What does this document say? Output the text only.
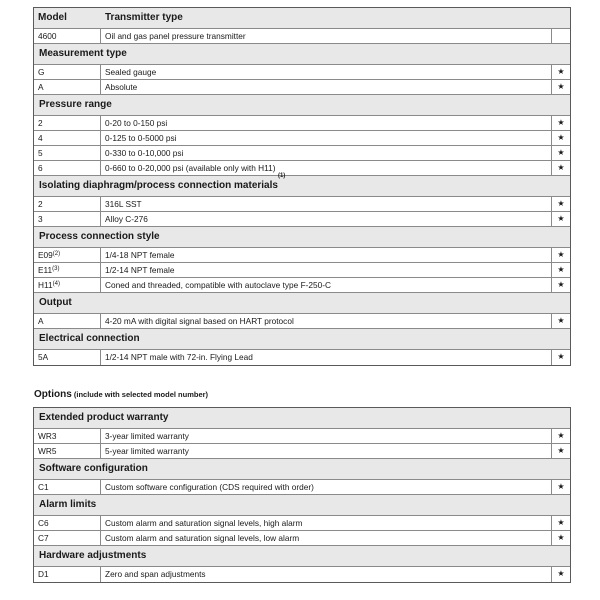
Model	Transmitter type
4600	Oil and gas panel pressure transmitter
Measurement type
G	Sealed gauge	★
A	Absolute	★
Pressure range
2	0-20 to 0-150 psi	★
4	0-125 to 0-5000 psi	★
5	0-330 to 0-10,000 psi	★
6	0-660 to 0-20,000 psi (available only with H11)	★
Isolating diaphragm/process connection materials
(1)
2	316L SST	★
3	Alloy C-276	★
Process connection style
E09$^{(2)}$	1/4-18 NPT female	★
E11$^{(3)}$	1/2-14 NPT female	★
H11$^{(4)}$	Coned and threaded, compatible with autoclave type F-250-C	★
Output
A	4-20 mA with digital signal based on HART protocol	★
Electrical connection
5A	1/2-14 NPT male with 72-in. Flying Lead	★
Options (include with selected model number)
Extended product warranty
WR3	3-year limited warranty	★
WR5	5-year limited warranty	★
Software configuration
C1	Custom software configuration (CDS required with order)	★
Alarm limits
C6	Custom alarm and saturation signal levels, high alarm	★
C7	Custom alarm and saturation signal levels, low alarm	★
Hardware adjustments
D1	Zero and span adjustments	★
